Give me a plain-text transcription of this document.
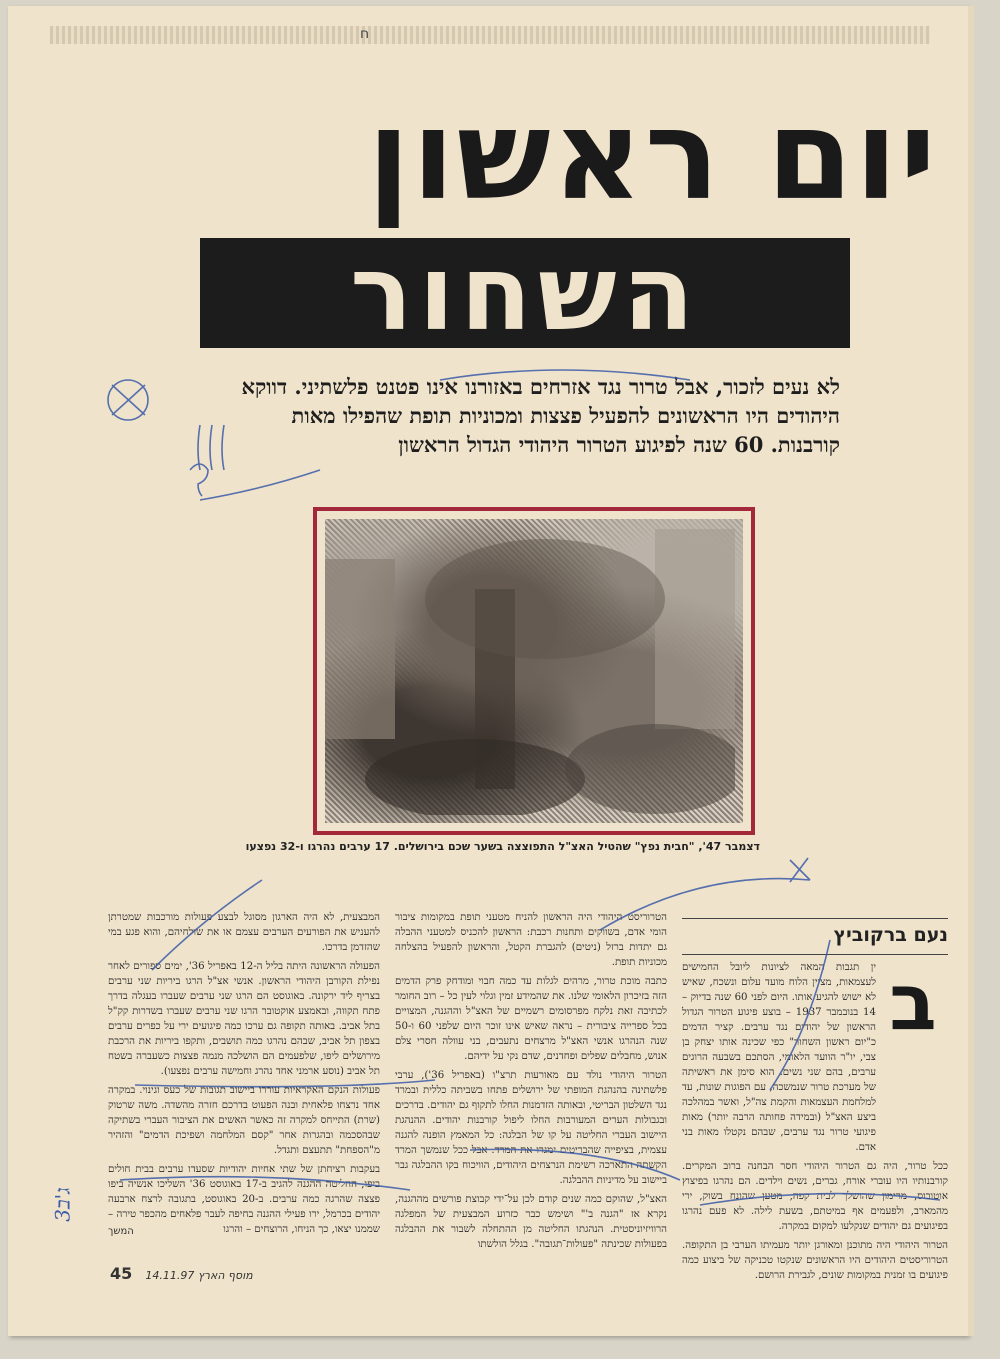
ח
יום ראשון
השחור
לא נעים לזכור, אבל טרור נגד אזרחים באזורנו אינו פטנט פלשתיני. דווקא היהודים היו הראשונים להפעיל פצצות ומכוניות תופת שהפילו מאות קורבנות. 60 שנה לפיגוע הטרור היהודי הגדול הראשון
דצמבר 47', "חבית נפץ" שהטיל האצ"ל התפוצצה בשער שכם בירושלים. 17 ערבים נהרגו ו-32 נפצעו
נעם ברקוביץ
ב

ין תגבות המאה לציונות ליובל החמישים לעצמאות, מציין הלוח מועד עלום ונשכח, שאיש לא ישוש להגיע אותו. היום לפני 60 שנה בדיוק – 14 בנובמבר 1937 – בוצע פיגוע הטרור הגדול הראשון של יהודים נגד ערבים. קציר הדמים כ"יום ראשון השחור" כפי שכינה אותו יצחק בן צבי, יו"ר הוועד הלאומי, הסתכם בשבעה הרוגים ערבים, בהם שני נשים. הוא סימן את ראשיתה של מערכת טרור שנמשכה, עם הפוגות שונות, עד למלחמת העצמאות והקמת צה"ל, ואשר במהלכה ביצע האצ"ל (ובמידה פחותה הרבה יותר) מאות פיגועי טרור נגד ערבים, שבהם נקטלו מאות בני אדם.

ככל טרור, היה גם הטרור היהודי חסר הבחנה ברוב המקרים. קורבנותיו היו עוברי אורח, גברים, נשים וילדים. הם נהרגו בפיצוץ אוטובוס, מרימון שהושלך לבית קפה, מטען שהונח בשוק, ירי מהמארב, ולפעמים אף במיטתם, בשעת לילה. לא פעם נהרגו בפיגועים גם יהודים שנקלעו למקום במקרה.

הטרור היהודי היה מתוכנן ומאורגן יותר מעמיתו הערבי בן התקופה. הטרוריסטים היהודים היו הראשונים שנקטו טכניקה של ביצוע כמה פיגועים בו זמנית במקומות שונים, לגבירת הרושם.

הטרוריסט היהודי היה הראשון להניח מטעני תופת במקומות ציבור הומי אדם, בשווקים ותחנות רכבת: הראשון להכניס למטעני ההבלה גם יתדות ברזל (ניטים) להגברת הקטל, והראשון להפעיל בהצלחה מכוניות תופת.

כתבה מוכת טרור, מרהים לגלות עד כמה חבוי ומודחק פרק הדמים הזה בזיכרון הלאומי שלנו. את שהמידע זמין וגלוי לעין כל – רוב החומר לכתיבה זאת נלקח מפרסומים רשמיים של האצ"ל וההגנה, המצויים בכל ספרייה ציבורית – נראה שאיש אינו זוכר היום שלפני 60 ו-50 שנה הנהרגו אנשי האצ"ל מרצחים נתעבים, בני עוולה חסרי צלם אנוש, מחבלים שפלים ופחדנים, שדם נקי על ידיהם.

הטרור היהודי נולד עם מאורעות תרצ"ו (באפריל 36'), ערבי פלשתינה בהנהגת המופתי של ירושלים פתחו בשביתה כללית ובמרד נגד השלטון הבריטי, ובאותה הזדמנות החלו לתקוף גם יהודים. בדרכים ובגבולות הערים המעורבות החלו ליפול קורבנות יהודים. ההנהגת היישוב העברי החליטה על קו של הבלגה: כל המאמץ הופנה להגנה עצמית, בציפייה שהבריטים ימגרו את המרד. אבל ככל שנמשך המרד הקשתה התארכה רשימת הנרצחים היהודים, הוויכוח בקו ההבלגה גבר ביישוב על מדיניות ההבלגה.

האצ"ל, שהוקם כמה שנים קודם לכן על־ידי קבוצת פורשים מההגנה, נקרא אז "הגנה ב'" ושימש כבר כזרוע המבצעית של המפלגה הרוויזיוניסטית. הנהגתו החליטה מן ההתחלה לשבור את ההבלגה בפעולות שכינתה "פעולות־תגובה". בגלל הולשתו

המבצעית, לא היה הארגון מסוגל לבצע פעולות מורכבות שמטרתן להעניש את הפורעים הערבים עצמם או את שולחיהם, והוא פגע במי שהזדמן בדרכו.

הפעולה הראשונה היתה בליל ה-12 באפריל 36', ימים ספורים לאחר נפילת הקורבן היהודי הראשון. אנשי אצ"ל הרגו ביריות שני ערבים בצריף ליד ירקונה. באוגוסט הם הרגו שני ערבים שעברו בעגלה בדרך פתח תקווה, ובאמצע אוקטובר הרגו שני ערבים שעברו בשדרות קק"ל בתל אביב. באותה תקופה גם ערכו כמה פיגועים ירי על כפרים ערבים בצפון תל אביב, שבהם נהרגו כמה תושבים, ותקפו ביריות את הרכבת מירושלים ליפו, שלפעמים הם הושלכה מנמה פצצות כשעברה בשטח תל אביב (נוסע ארמני אחד נהרג וחמישה ערבים נפצעו).

פעולות הנקם האקראיות עוררו ביישוב תגובות של כעס וגינוי. במקרה אחד נרצחו פלאחית ובנה הפעוט בדרכם חזרה מהשדה. משה שרטוק (שרת) התייחס למקרה זה כאשר האשים את הציבור העברי בשתיקה שבהסכמה ובהגרות אחר "קסם המלחמה ושפיכת הדמים" והזהיר מ"הספחת" תתעצם ותגדל.

בעקבות רציחתן של שתי אחיות יהודיות שסעדו ערבים בבית חולים ביפו, החליטה ההגנה להגיב ב-17 באוגוסט 36' השליכו אנשיה ביפו פצצה שהרגה כמה ערבים. ב-20 באוגוסט, בתגובה לרצח ארבעה יהודים בכרמל, ירו פעילי ההגנה בחיפה לעבר פלאחים מהכפר טירה – שממנו יצאו, כך הניחו, הרוצחים – והרגו

המשך
45 מוסף הארץ 14.11.97
ג'ב3
